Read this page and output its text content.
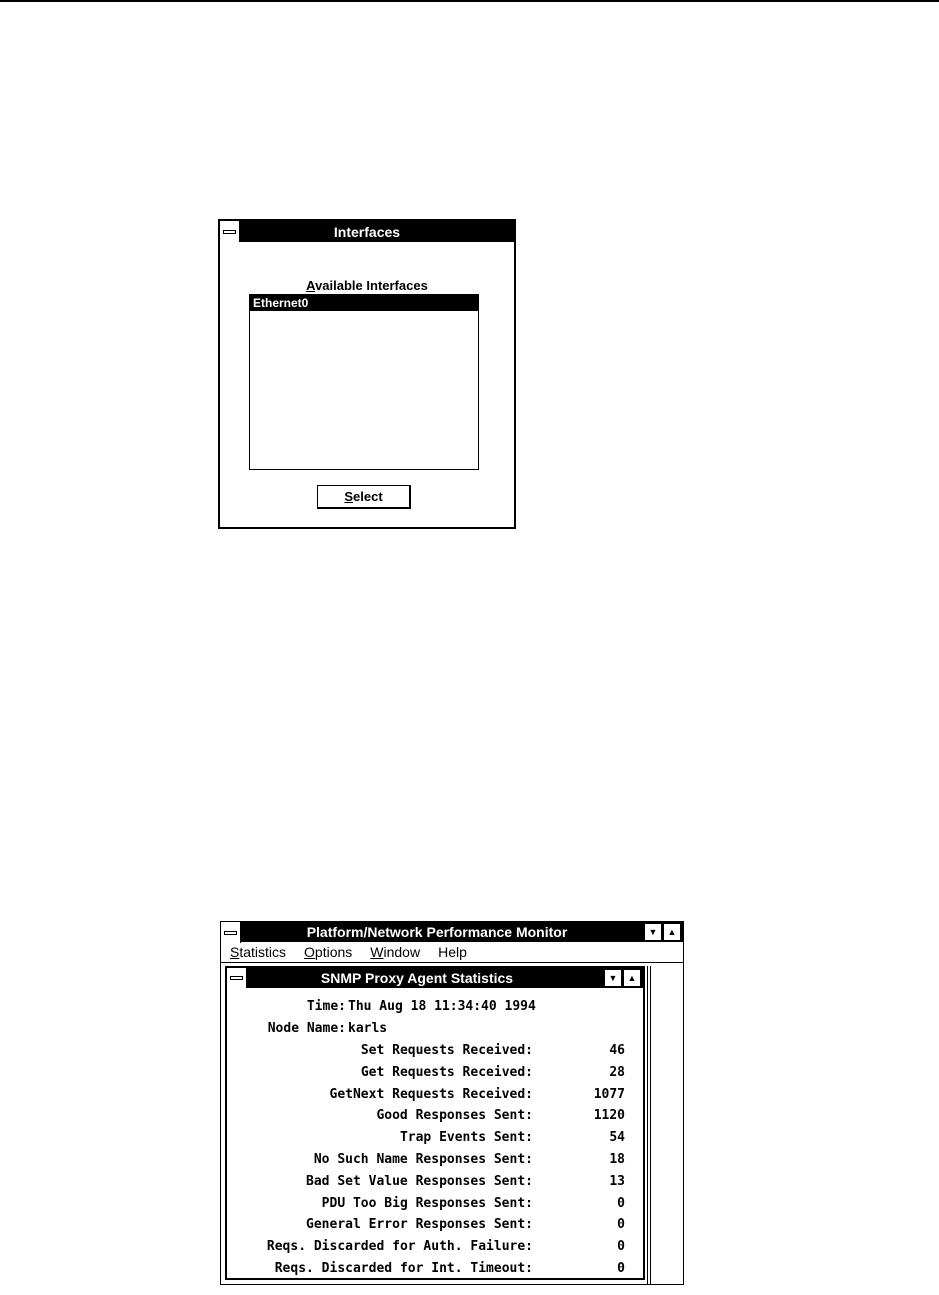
Interfaces
Available Interfaces
Ethernet0
S elect
Platform/Network Performance Monitor	▼	▲
Statistics Options Window Help
SNMP Proxy Agent Statistics	▼	▲
Time: Thu Aug 18 11:34:40 1994
Node Name: karls
Set Requests Received:	46
Get Requests Received:	28
GetNext Requests Received:	1077
Good Responses Sent:	1120
Trap Events Sent:	54
No Such Name Responses Sent:	18
Bad Set Value Responses Sent:	13
PDU Too Big Responses Sent:	0
General Error Responses Sent:	0
Reqs. Discarded for Auth. Failure:	0
Reqs. Discarded for Int. Timeout:	0
